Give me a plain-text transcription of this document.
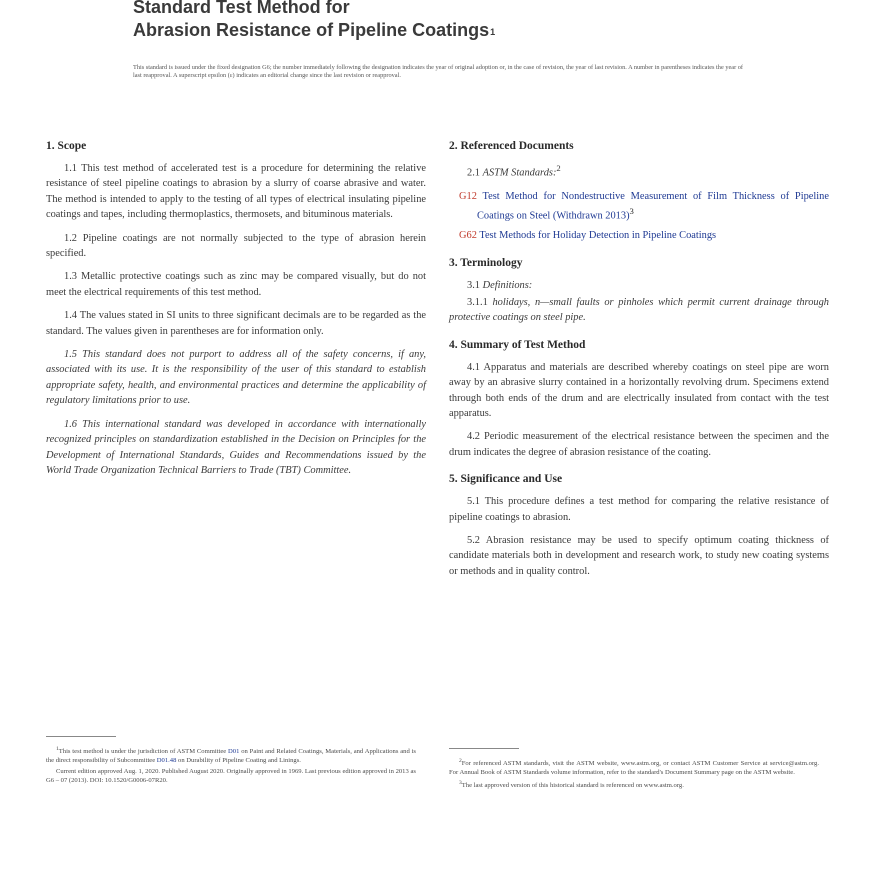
Standard Test Method for
Abrasion Resistance of Pipeline Coatings$^1$
This standard is issued under the fixed designation G6; the number immediately following the designation indicates the year of original adoption or, in the case of revision, the year of last revision. A number in parentheses indicates the year of last reapproval. A superscript epsilon (ε) indicates an editorial change since the last revision or reapproval.
1. Scope

1.1 This test method of accelerated test is a procedure for determining the relative resistance of steel pipeline coatings to abrasion by a slurry of coarse abrasive and water. The method is intended to apply to the testing of all types of electrical insulating pipeline coatings and tapes, including thermoplastics, thermosets, and bituminous materials.

1.2 Pipeline coatings are not normally subjected to the type of abrasion herein specified.

1.3 Metallic protective coatings such as zinc may be compared visually, but do not meet the electrical requirements of this test method.

1.4 The values stated in SI units to three significant decimals are to be regarded as the standard. The values given in parentheses are for information only.

1.5 This standard does not purport to address all of the safety concerns, if any, associated with its use. It is the responsibility of the user of this standard to establish appropriate safety, health, and environmental practices and determine the applicability of regulatory limitations prior to use.

1.6 This international standard was developed in accordance with internationally recognized principles on standardization established in the Decision on Principles for the Development of International Standards, Guides and Recommendations issued by the World Trade Organization Technical Barriers to Trade (TBT) Committee.

2. Referenced Documents

2.1 ASTM Standards:$^2$

G12 Test Method for Nondestructive Measurement of Film Thickness of Pipeline Coatings on Steel (Withdrawn 2013)$^3$
G62 Test Methods for Holiday Detection in Pipeline Coatings
3. Terminology

3.1 Definitions:

3.1.1 holidays, n—small faults or pinholes which permit current drainage through protective coatings on steel pipe.

4. Summary of Test Method

4.1 Apparatus and materials are described whereby coatings on steel pipe are worn away by an abrasive slurry contained in a horizontally revolving drum. Specimens extend through both ends of the drum and are electrically insulated from contact with the test apparatus.

4.2 Periodic measurement of the electrical resistance between the specimen and the drum indicates the degree of abrasion resistance of the coating.

5. Significance and Use

5.1 This procedure defines a test method for comparing the relative resistance of pipeline coatings to abrasion.

5.2 Abrasion resistance may be used to specify optimum coating thickness of candidate materials both in development and research work, to study new coating systems or methods and in quality control.

$^1$This test method is under the jurisdiction of ASTM Committee D01 on Paint and Related Coatings, Materials, and Applications and is the direct responsibility of Subcommittee D01.48 on Durability of Pipeline Coating and Linings.
Current edition approved Aug. 1, 2020. Published August 2020. Originally approved in 1969. Last previous edition approved in 2013 as G6 – 07 (2013). DOI: 10.1520/G0006-07R20.
$^2$For referenced ASTM standards, visit the ASTM website, www.astm.org, or contact ASTM Customer Service at service@astm.org. For Annual Book of ASTM Standards volume information, refer to the standard's Document Summary page on the ASTM website.
$^3$The last approved version of this historical standard is referenced on www.astm.org.
